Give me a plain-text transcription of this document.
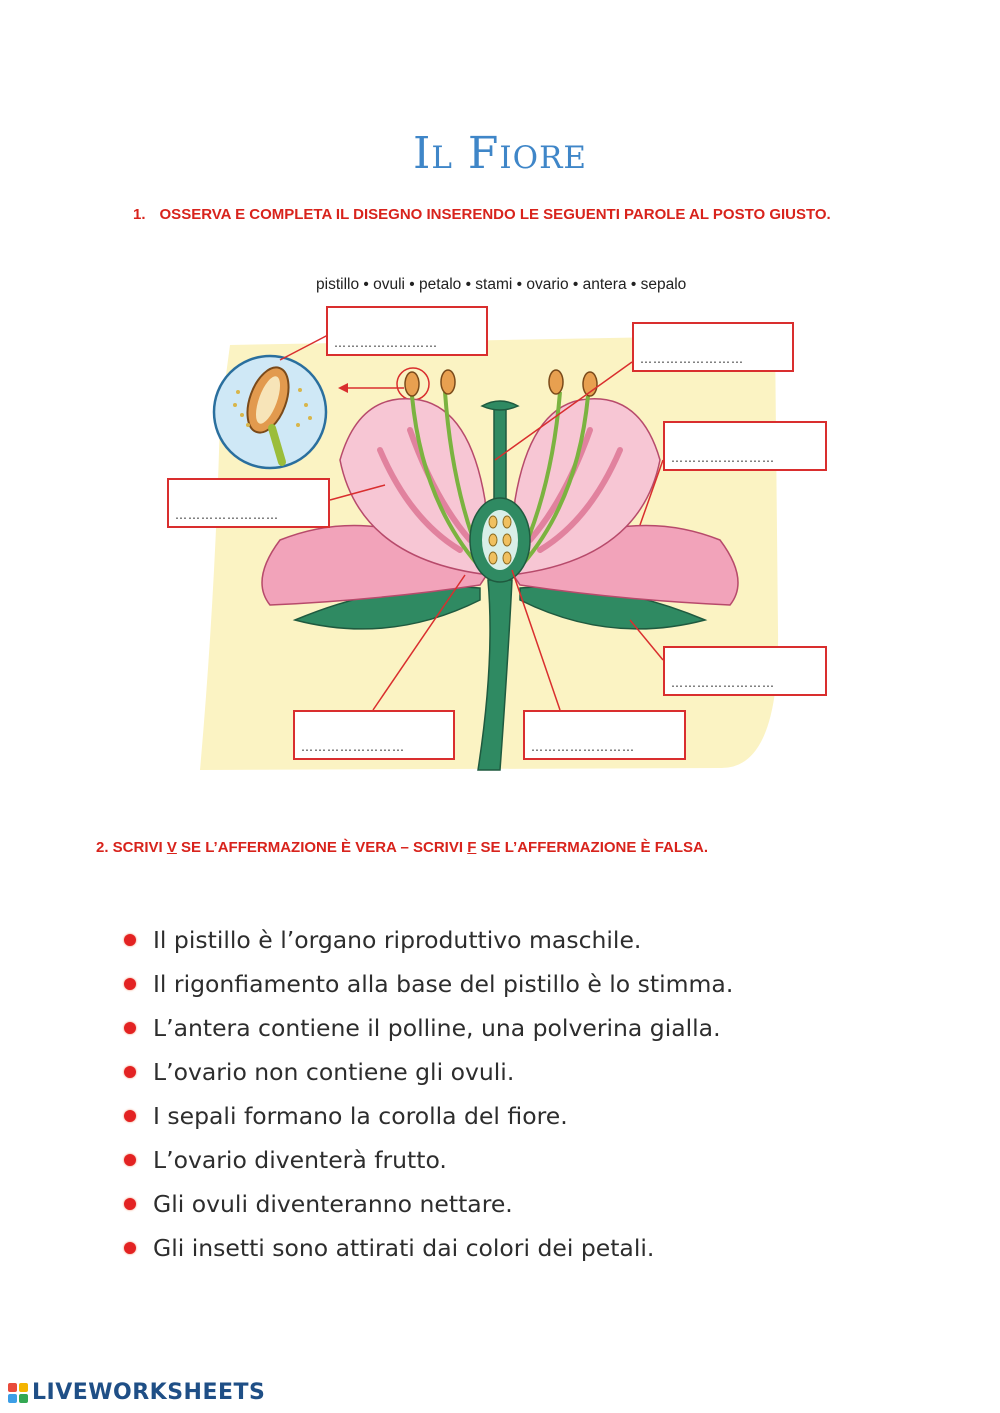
Il Fiore
1. OSSERVA E COMPLETA IL DISEGNO INSERENDO LE SEGUENTI PAROLE AL POSTO GIUSTO.
pistillo • ovuli • petalo • stami • ovario • antera • sepalo
……………………
……………………
……………………
……………………
……………………
……………………	……………………
2. SCRIVI V SE L’AFFERMAZIONE È VERA – SCRIVI F SE L’AFFERMAZIONE È FALSA.
Il pistillo è l’organo riproduttivo maschile.
Il rigonfiamento alla base del pistillo è lo stimma.
L’antera contiene il polline, una polverina gialla.
L’ovario non contiene gli ovuli.
I sepali formano la corolla del fiore.
L’ovario diventerà frutto.
Gli ovuli diventeranno nettare.
Gli insetti sono attirati dai colori dei petali.
LIVEWORKSHEETS
